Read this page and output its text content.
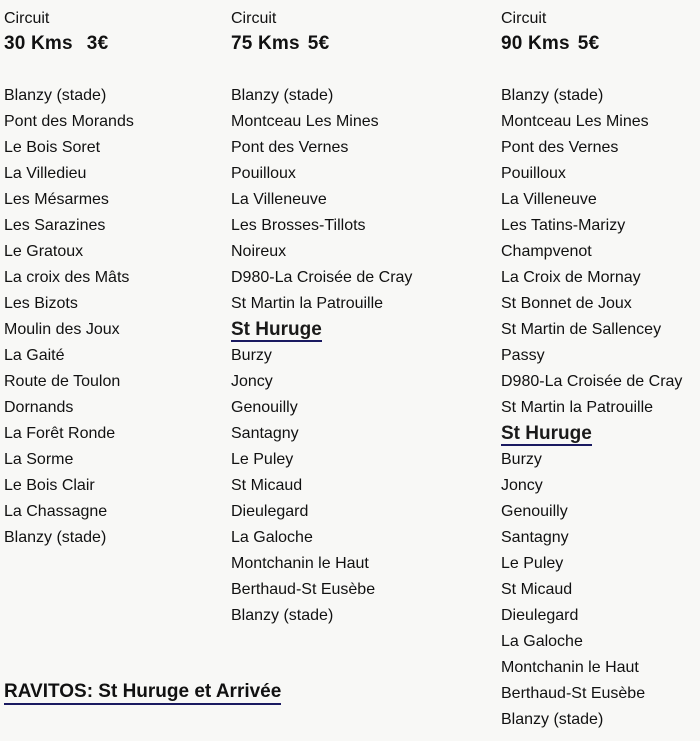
Circuit
30 Kms 3€
Blanzy (stade)
Pont des Morands
Le Bois Soret
La Villedieu
Les Mésarmes
Les Sarazines
Le Gratoux
La croix des Mâts
Les Bizots
Moulin des Joux
La Gaité
Route de Toulon
Dornands
La Forêt Ronde
La Sorme
Le Bois Clair
La Chassagne
Blanzy (stade)
Circuit
75 Kms 5€
Blanzy (stade)
Montceau Les Mines
Pont des Vernes
Pouilloux
La Villeneuve
Les Brosses-Tillots
Noireux
D980-La Croisée de Cray
St Martin la Patrouille
St Huruge
Burzy
Joncy
Genouilly
Santagny
Le Puley
St Micaud
Dieulegard
La Galoche
Montchanin le Haut
Berthaud-St Eusèbe
Blanzy (stade)
Circuit
90 Kms 5€
Blanzy (stade)
Montceau Les Mines
Pont des Vernes
Pouilloux
La Villeneuve
Les Tatins-Marizy
Champvenot
La Croix de Mornay
St Bonnet de Joux
St Martin de Sallencey
Passy
D980-La Croisée de Cray
St Martin la Patrouille
St Huruge
Burzy
Joncy
Genouilly
Santagny
Le Puley
St Micaud
Dieulegard
La Galoche
Montchanin le Haut
Berthaud-St Eusèbe
Blanzy (stade)
RAVITOS: St Huruge et Arrivée
